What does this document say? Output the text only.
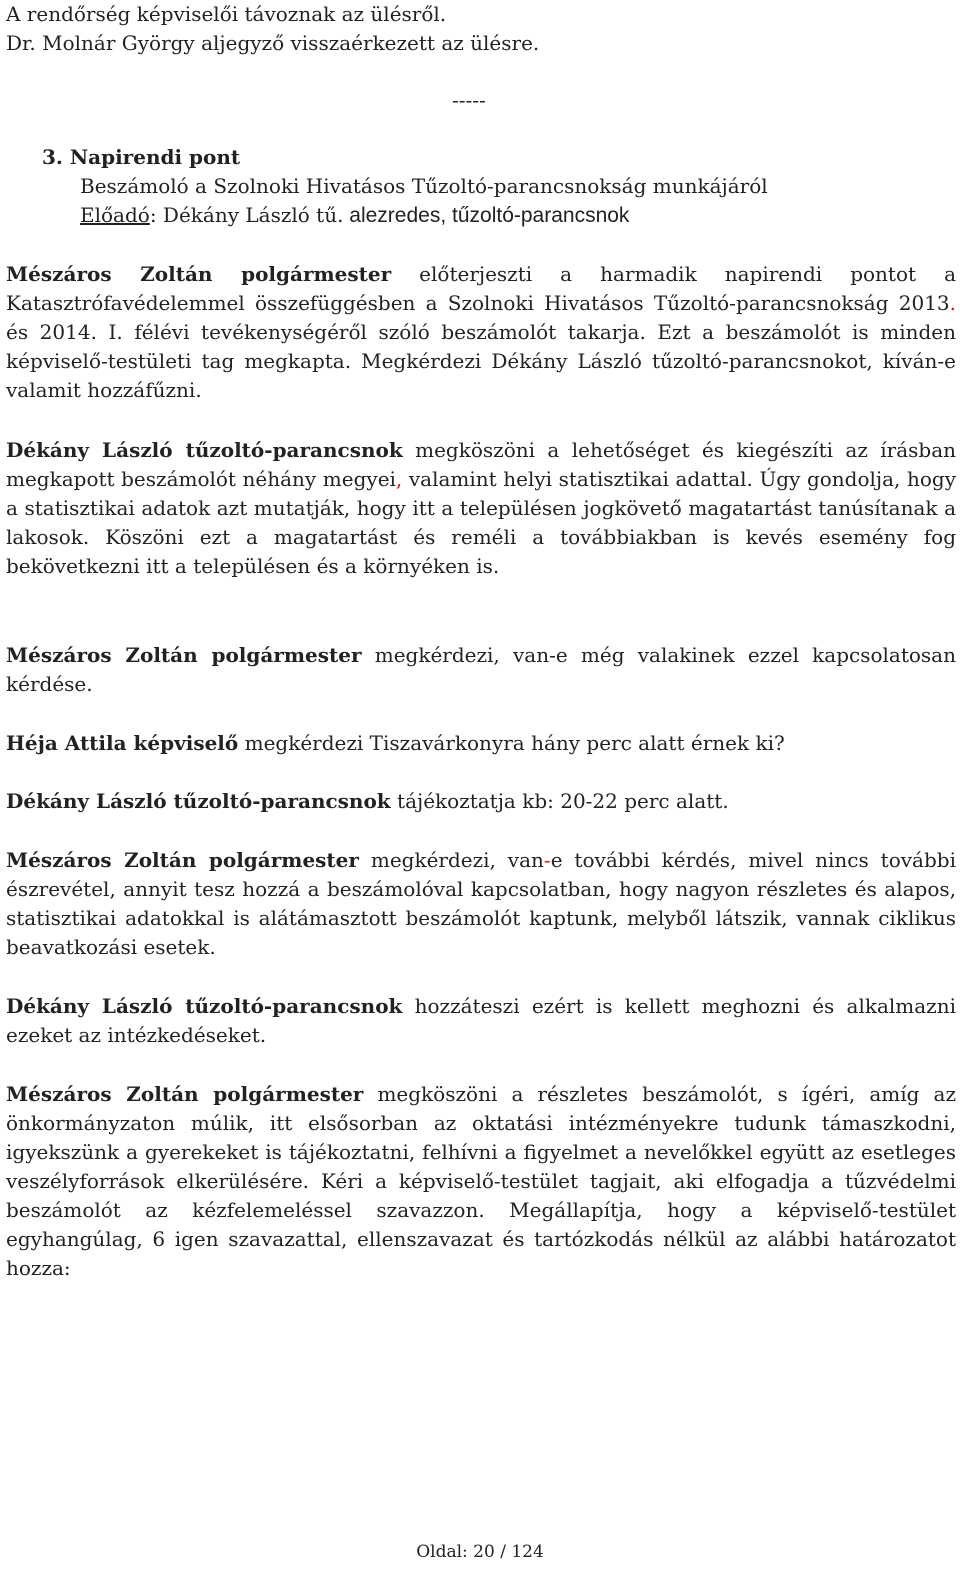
A rendőrség képviselői távoznak az ülésről.
Dr. Molnár György aljegyző visszaérkezett az ülésre.
-----
3. Napirendi pont
Beszámoló a Szolnoki Hivatásos Tűzoltó-parancsnokság munkájáról
Előadó: Dékány László tű. alezredes, tűzoltó-parancsnok

Mészáros Zoltán polgármester előterjeszti a harmadik napirendi pontot a Katasztrófavédelemmel összefüggésben a Szolnoki Hivatásos Tűzoltó-parancsnokság 2013. és 2014. I. félévi tevékenységéről szóló beszámolót takarja. Ezt a beszámolót is minden képviselő-testületi tag megkapta. Megkérdezi Dékány László tűzoltó-parancsnokot, kíván-e valamit hozzáfűzni.

Dékány László tűzoltó-parancsnok megköszöni a lehetőséget és kiegészíti az írásban megkapott beszámolót néhány megyei, valamint helyi statisztikai adattal. Úgy gondolja, hogy a statisztikai adatok azt mutatják, hogy itt a településen jogkövető magatartást tanúsítanak a lakosok. Köszöni ezt a magatartást és reméli a továbbiakban is kevés esemény fog bekövetkezni itt a településen és a környéken is.

Mészáros Zoltán polgármester megkérdezi, van-e még valakinek ezzel kapcsolatosan kérdése.

Héja Attila képviselő megkérdezi Tiszavárkonyra hány perc alatt érnek ki?

Dékány László tűzoltó-parancsnok tájékoztatja kb: 20-22 perc alatt.

Mészáros Zoltán polgármester megkérdezi, van-e további kérdés, mivel nincs további észrevétel, annyit tesz hozzá a beszámolóval kapcsolatban, hogy nagyon részletes és alapos, statisztikai adatokkal is alátámasztott beszámolót kaptunk, melyből látszik, vannak ciklikus beavatkozási esetek.

Dékány László tűzoltó-parancsnok hozzáteszi ezért is kellett meghozni és alkalmazni ezeket az intézkedéseket.

Mészáros Zoltán polgármester megköszöni a részletes beszámolót, s ígéri, amíg az önkormányzaton múlik, itt elsősorban az oktatási intézményekre tudunk támaszkodni, igyekszünk a gyerekeket is tájékoztatni, felhívni a figyelmet a nevelőkkel együtt az esetleges veszélyforrások elkerülésére. Kéri a képviselő-testület tagjait, aki elfogadja a tűzvédelmi beszámolót az kézfelemeléssel szavazzon. Megállapítja, hogy a képviselő-testület egyhangúlag, 6 igen szavazattal, ellenszavazat és tartózkodás nélkül az alábbi határozatot hozza:

Oldal: 20 / 124
